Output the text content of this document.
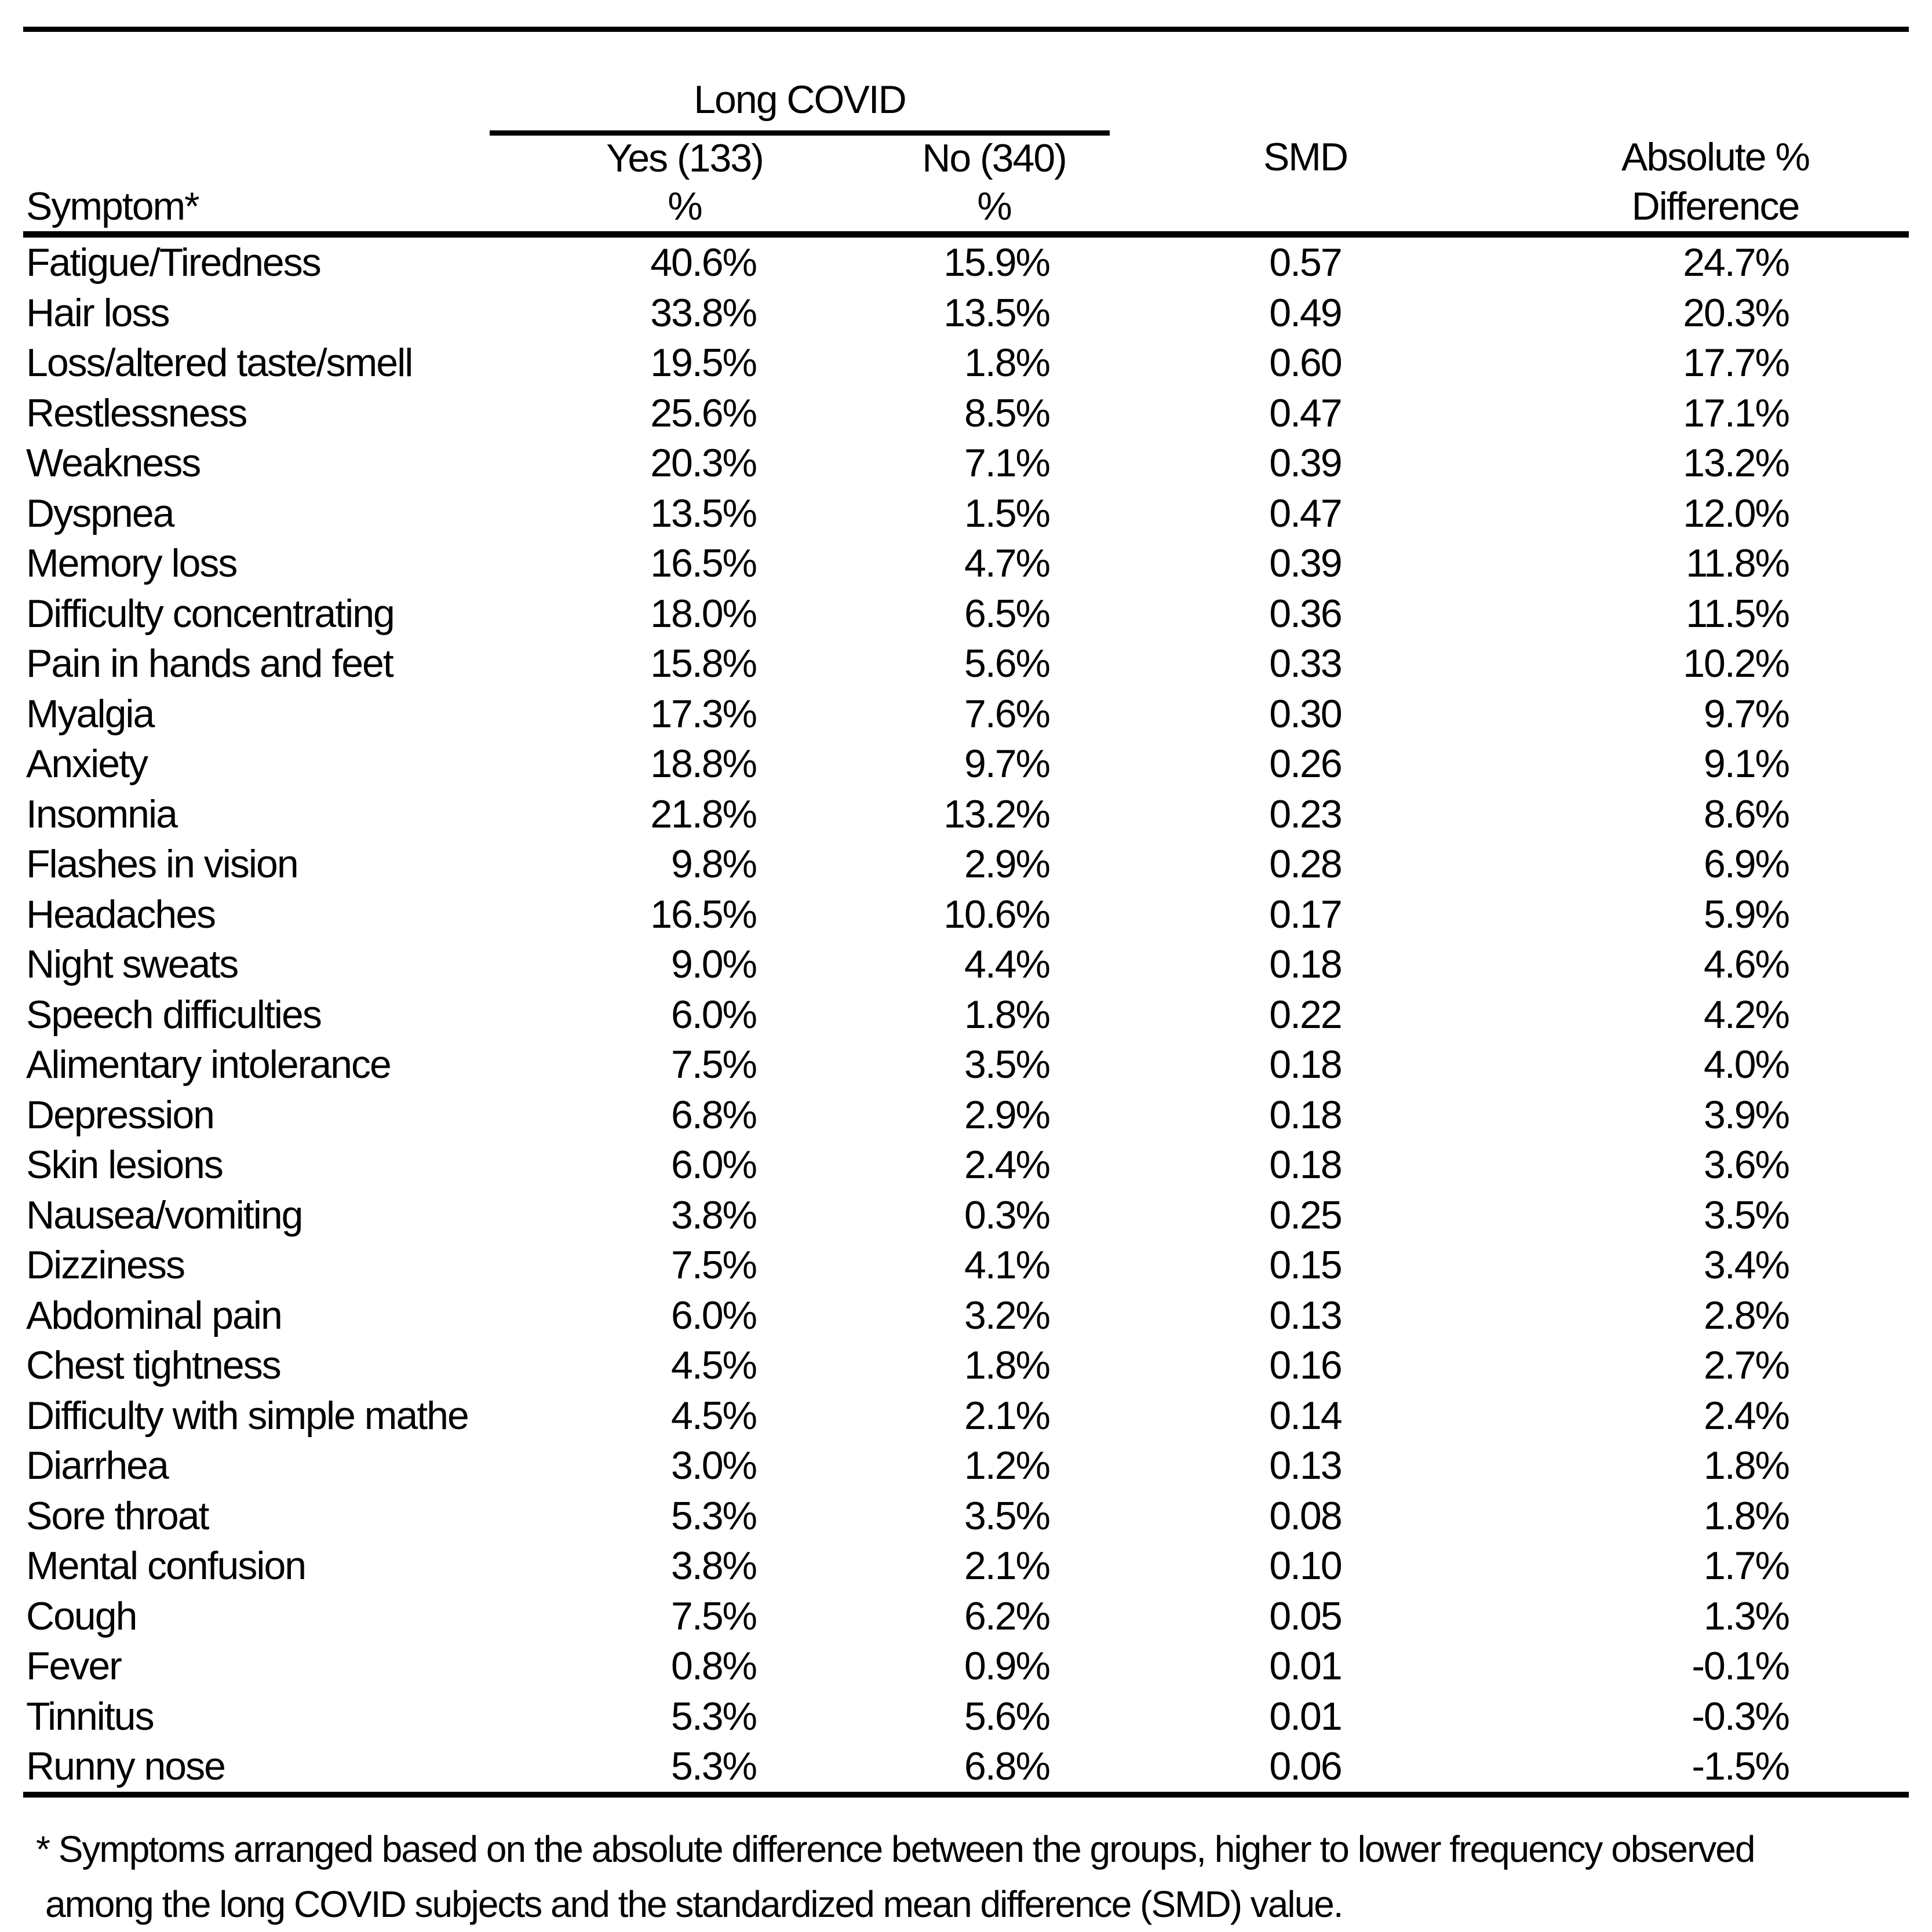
	Long COVID			
	Yes (133)	No (340)	SMD	Absolute %
Symptom*	%	%		Difference
Fatigue/Tiredness	40.6%	15.9%	0.57	24.7%
Hair loss	33.8%	13.5%	0.49	20.3%
Loss/altered taste/smell	19.5%	1.8%	0.60	17.7%
Restlessness	25.6%	8.5%	0.47	17.1%
Weakness	20.3%	7.1%	0.39	13.2%
Dyspnea	13.5%	1.5%	0.47	12.0%
Memory loss	16.5%	4.7%	0.39	11.8%
Difficulty concentrating	18.0%	6.5%	0.36	11.5%
Pain in hands and feet	15.8%	5.6%	0.33	10.2%
Myalgia	17.3%	7.6%	0.30	9.7%
Anxiety	18.8%	9.7%	0.26	9.1%
Insomnia	21.8%	13.2%	0.23	8.6%
Flashes in vision	9.8%	2.9%	0.28	6.9%
Headaches	16.5%	10.6%	0.17	5.9%
Night sweats	9.0%	4.4%	0.18	4.6%
Speech difficulties	6.0%	1.8%	0.22	4.2%
Alimentary intolerance	7.5%	3.5%	0.18	4.0%
Depression	6.8%	2.9%	0.18	3.9%
Skin lesions	6.0%	2.4%	0.18	3.6%
Nausea/vomiting	3.8%	0.3%	0.25	3.5%
Dizziness	7.5%	4.1%	0.15	3.4%
Abdominal pain	6.0%	3.2%	0.13	2.8%
Chest tightness	4.5%	1.8%	0.16	2.7%
Difficulty with simple mathe	4.5%	2.1%	0.14	2.4%
Diarrhea	3.0%	1.2%	0.13	1.8%
Sore throat	5.3%	3.5%	0.08	1.8%
Mental confusion	3.8%	2.1%	0.10	1.7%
Cough	7.5%	6.2%	0.05	1.3%
Fever	0.8%	0.9%	0.01	-0.1%
Tinnitus	5.3%	5.6%	0.01	-0.3%
Runny nose	5.3%	6.8%	0.06	-1.5%
* Symptoms arranged based on the absolute difference between the groups, higher to lower frequency observed
among the long COVID subjects and the standardized mean difference (SMD) value.
